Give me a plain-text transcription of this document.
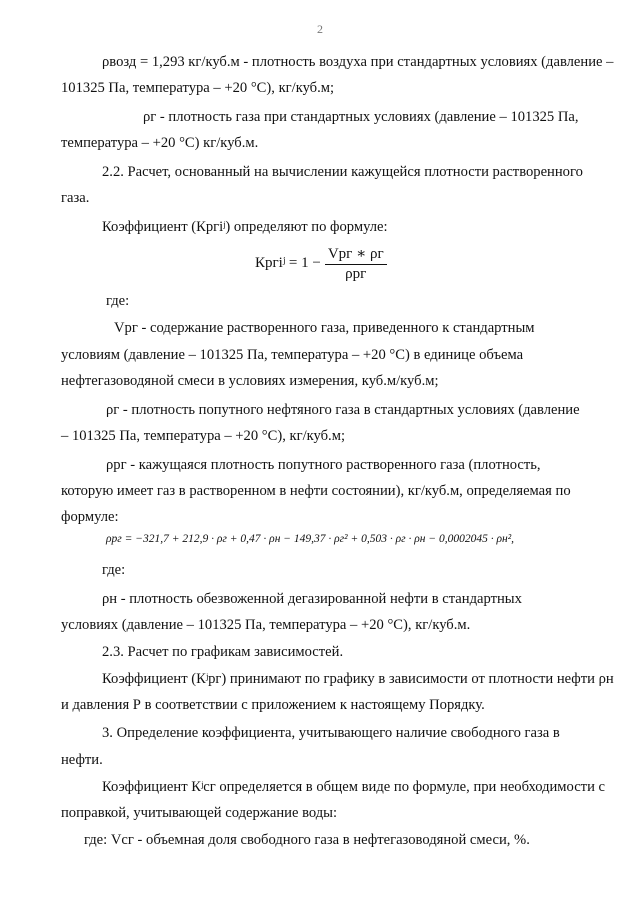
2
ρвозд = 1,293 кг/куб.м - плотность воздуха при стандартных условиях (давление –
101325 Па, температура – +20 °С), кг/куб.м;
ρг - плотность газа при стандартных условиях (давление – 101325 Па,
температура – +20 °С) кг/куб.м.
2.2. Расчет, основанный на вычислении кажущейся плотности растворенного
газа.
Коэффициент (Кргiʲ) определяют по формуле:
Кргiʲ = $1 - \frac{\text{Vрг ∗ ρг}}{\text{ρрг}}$
где:
Vрг - содержание растворенного газа, приведенного к стандартным
условиям (давление – 101325 Па, температура – +20 °С) в единице объема
нефтегазоводяной смеси в условиях измерения, куб.м/куб.м;
ρг - плотность попутного нефтяного газа в стандартных условиях (давление
– 101325 Па, температура – +20 °С), кг/куб.м;
ρрг - кажущаяся плотность попутного растворенного газа (плотность,
которую имеет газ в растворенном в нефти состоянии), кг/куб.м, определяемая по
формуле:
ρрг = −321,7 + 212,9 · ρг + 0,47 · ρн − 149,37 · ρг² + 0,503 · ρг · ρн − 0,0002045 · ρн²,
где:
ρн - плотность обезвоженной дегазированной нефти в стандартных
условиях (давление – 101325 Па, температура – +20 °С), кг/куб.м.
2.3. Расчет по графикам зависимостей.
Коэффициент (Кʲрг) принимают по графику в зависимости от плотности нефти ρн
и давления Р в соответствии с приложением к настоящему Порядку.
3. Определение коэффициента, учитывающего наличие свободного газа в
нефти.
Коэффициент Кʲсг определяется в общем виде по формуле, при необходимости с
поправкой, учитывающей содержание воды:
где: Vсг - объемная доля свободного газа в нефтегазоводяной смеси, %.
